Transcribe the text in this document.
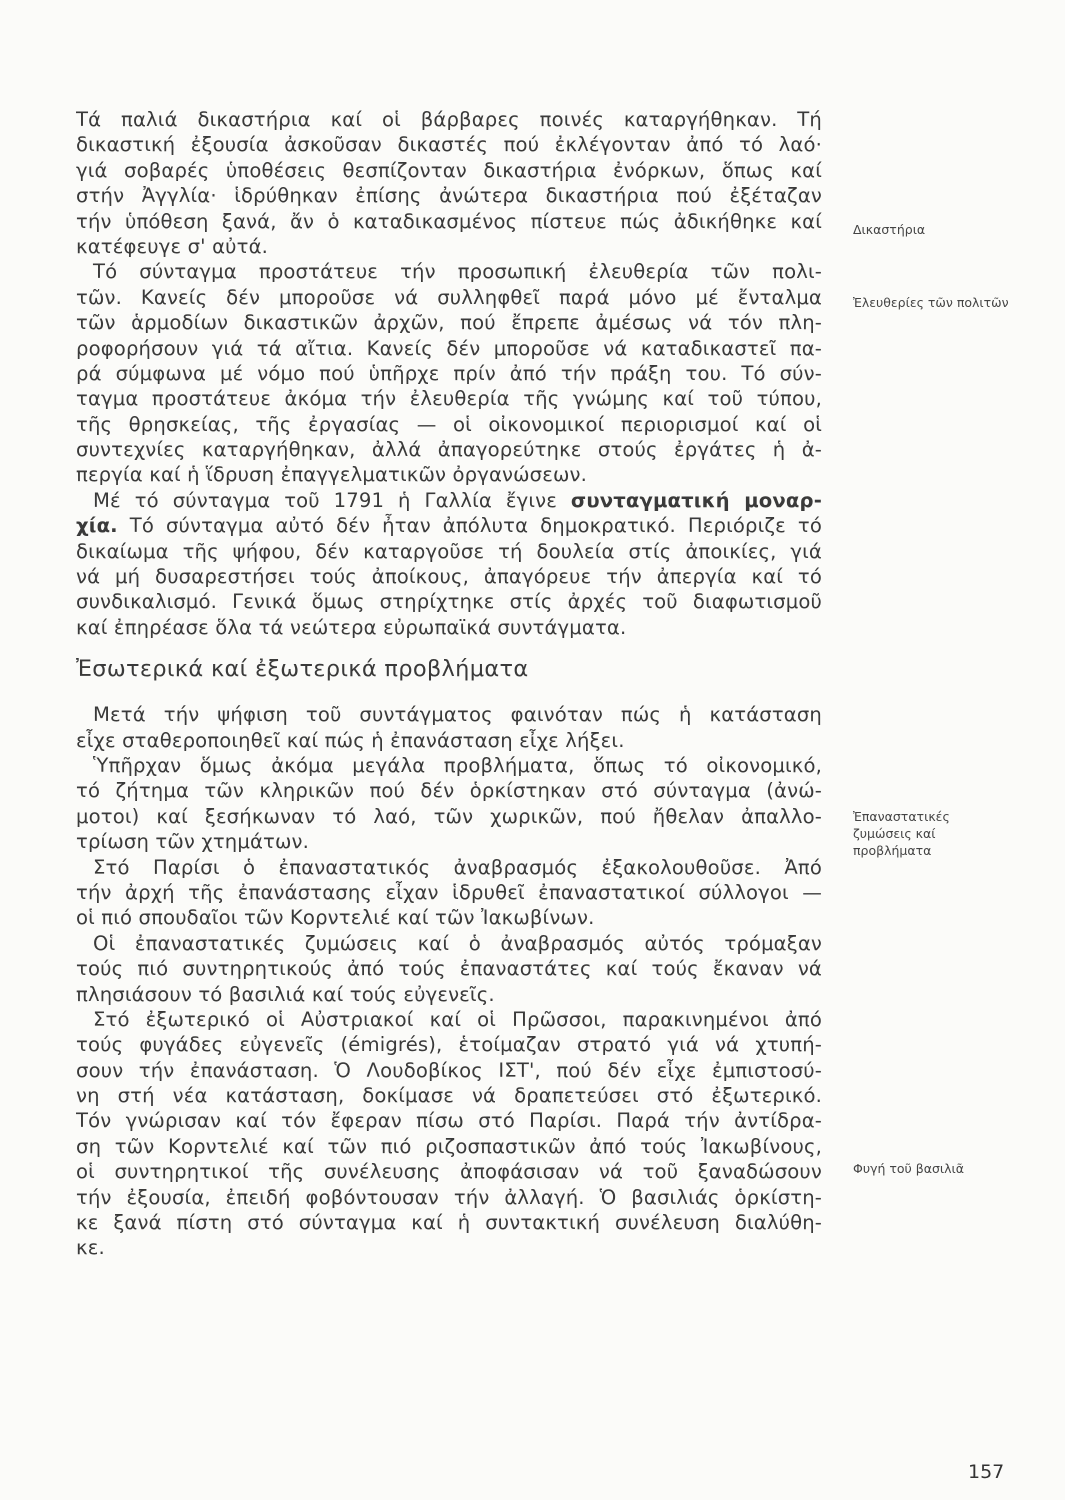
Τά παλιά δικαστήρια καί οἱ βάρβαρες ποινές καταργήθηκαν. Τή
δικαστική ἐξουσία ἀσκοῦσαν δικαστές πού ἐκλέγονταν ἀπό τό λαό·
γιά σοβαρές ὑποθέσεις θεσπίζονταν δικαστήρια ἐνόρκων, ὅπως καί
στήν Ἀγγλία· ἱδρύθηκαν ἐπίσης ἀνώτερα δικαστήρια πού ἐξέταζαν
τήν ὑπόθεση ξανά, ἄν ὁ καταδικασμένος πίστευε πώς ἀδικήθηκε καί
κατέφευγε σ' αὐτά.
Τό σύνταγμα προστάτευε τήν προσωπική ἐλευθερία τῶν πολι-
τῶν. Κανείς δέν μποροῦσε νά συλληφθεῖ παρά μόνο μέ ἔνταλμα
τῶν ἁρμοδίων δικαστικῶν ἀρχῶν, πού ἔπρεπε ἀμέσως νά τόν πλη-
ροφορήσουν γιά τά αἴτια. Κανείς δέν μποροῦσε νά καταδικαστεῖ πα-
ρά σύμφωνα μέ νόμο πού ὑπῆρχε πρίν ἀπό τήν πράξη του. Τό σύν-
ταγμα προστάτευε ἀκόμα τήν ἐλευθερία τῆς γνώμης καί τοῦ τύπου,
τῆς θρησκείας, τῆς ἐργασίας — οἱ οἰκονομικοί περιορισμοί καί οἱ
συντεχνίες καταργήθηκαν, ἀλλά ἀπαγορεύτηκε στούς ἐργάτες ἡ ἀ-
περγία καί ἡ ἵδρυση ἐπαγγελματικῶν ὀργανώσεων.
Μέ τό σύνταγμα τοῦ 1791 ἡ Γαλλία ἔγινε συνταγματική μοναρ-
χία. Τό σύνταγμα αὐτό δέν ἦταν ἀπόλυτα δημοκρατικό. Περιόριζε τό
δικαίωμα τῆς ψήφου, δέν καταργοῦσε τή δουλεία στίς ἀποικίες, γιά
νά μή δυσαρεστήσει τούς ἀποίκους, ἀπαγόρευε τήν ἀπεργία καί τό
συνδικαλισμό. Γενικά ὅμως στηρίχτηκε στίς ἀρχές τοῦ διαφωτισμοῦ
καί ἐπηρέασε ὅλα τά νεώτερα εὐρωπαϊκά συντάγματα.
Ἐσωτερικά καί ἐξωτερικά προβλήματα
Μετά τήν ψήφιση τοῦ συντάγματος φαινόταν πώς ἡ κατάσταση
εἶχε σταθεροποιηθεῖ καί πώς ἡ ἐπανάσταση εἶχε λήξει.
Ὑπῆρχαν ὅμως ἀκόμα μεγάλα προβλήματα, ὅπως τό οἰκονομικό,
τό ζήτημα τῶν κληρικῶν πού δέν ὁρκίστηκαν στό σύνταγμα (ἀνώ-
μοτοι) καί ξεσήκωναν τό λαό, τῶν χωρικῶν, πού ἤθελαν ἀπαλλο-
τρίωση τῶν χτημάτων.
Στό Παρίσι ὁ ἐπαναστατικός ἀναβρασμός ἐξακολουθοῦσε. Ἀπό
τήν ἀρχή τῆς ἐπανάστασης εἶχαν ἱδρυθεῖ ἐπαναστατικοί σύλλογοι —
οἱ πιό σπουδαῖοι τῶν Κορντελιέ καί τῶν Ἰακωβίνων.
Οἱ ἐπαναστατικές ζυμώσεις καί ὁ ἀναβρασμός αὐτός τρόμαξαν
τούς πιό συντηρητικούς ἀπό τούς ἐπαναστάτες καί τούς ἔκαναν νά
πλησιάσουν τό βασιλιά καί τούς εὐγενεῖς.
Στό ἐξωτερικό οἱ Αὐστριακοί καί οἱ Πρῶσσοι, παρακινημένοι ἀπό
τούς φυγάδες εὐγενεῖς (émigrés), ἑτοίμαζαν στρατό γιά νά χτυπή-
σουν τήν ἐπανάσταση. Ὁ Λουδοβίκος ΙΣΤ', πού δέν εἶχε ἐμπιστοσύ-
νη στή νέα κατάσταση, δοκίμασε νά δραπετεύσει στό ἐξωτερικό.
Τόν γνώρισαν καί τόν ἔφεραν πίσω στό Παρίσι. Παρά τήν ἀντίδρα-
ση τῶν Κορντελιέ καί τῶν πιό ριζοσπαστικῶν ἀπό τούς Ἰακωβίνους,
οἱ συντηρητικοί τῆς συνέλευσης ἀποφάσισαν νά τοῦ ξαναδώσουν
τήν ἐξουσία, ἐπειδή φοβόντουσαν τήν ἀλλαγή. Ὁ βασιλιάς ὁρκίστη-
κε ξανά πίστη στό σύνταγμα καί ἡ συντακτική συνέλευση διαλύθη-
κε.
Δικαστήρια
Ἐλευθερίες τῶν πολιτῶν
Ἐπαναστατικές ζυμώσεις καί προβλήματα
Φυγή τοῦ βασιλιᾶ
157
